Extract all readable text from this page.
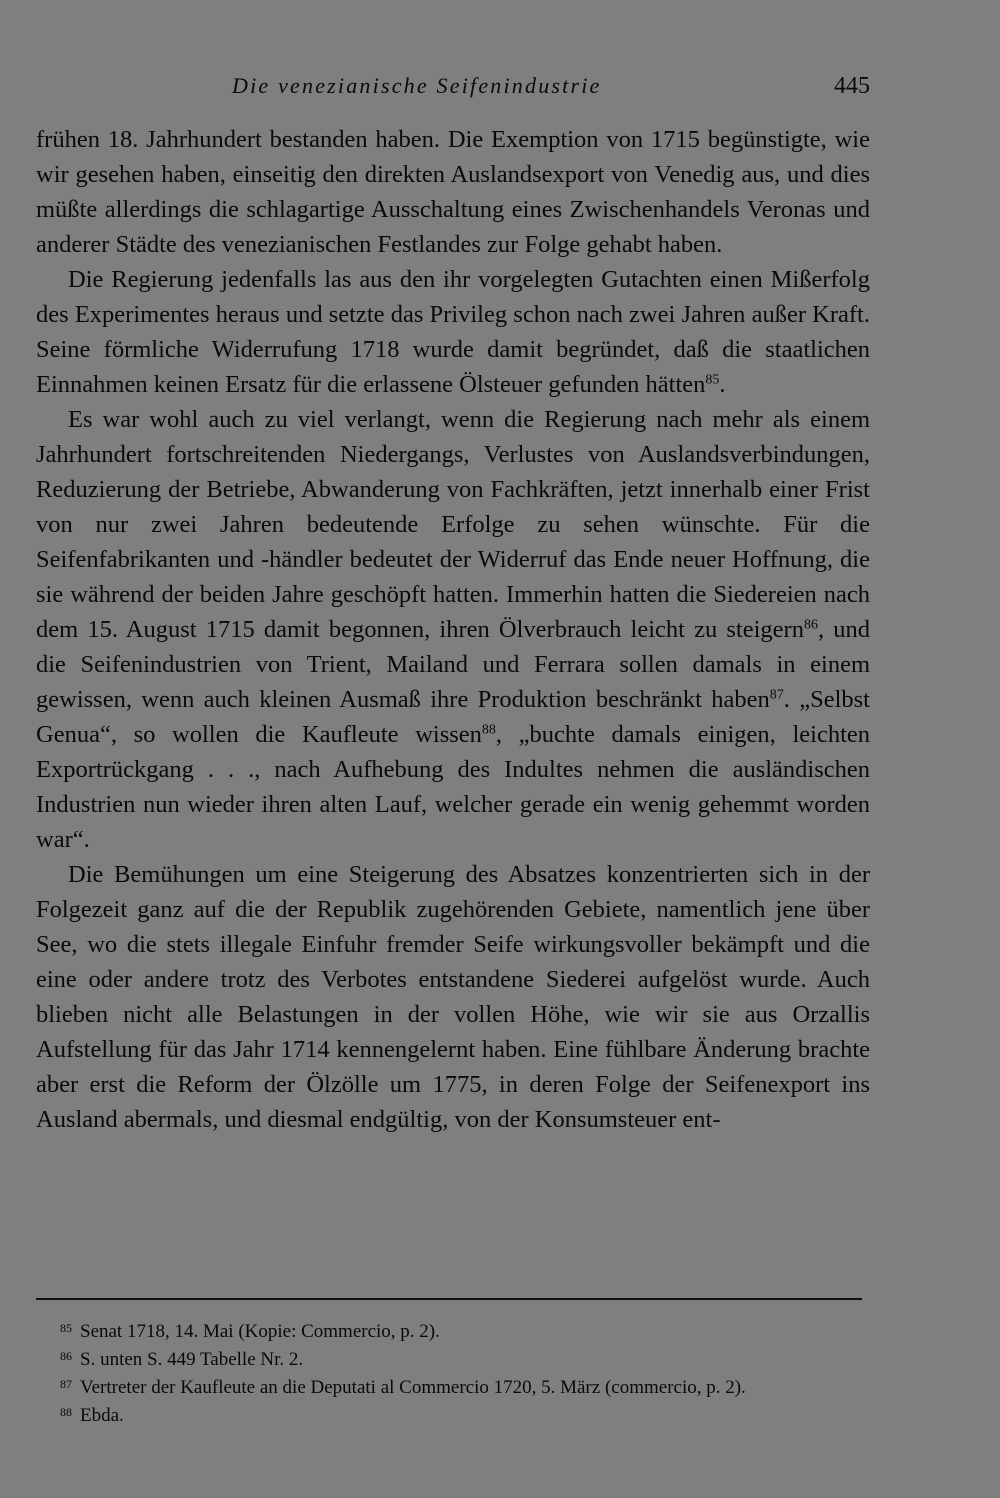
Die venezianische Seifenindustrie	445

frühen 18. Jahrhundert bestanden haben. Die Exemption von 1715 begünstigte, wie wir gesehen haben, einseitig den direkten Auslandsexport von Venedig aus, und dies müßte allerdings die schlagartige Ausschaltung eines Zwischenhandels Veronas und anderer Städte des venezianischen Festlandes zur Folge gehabt haben.

Die Regierung jedenfalls las aus den ihr vorgelegten Gutachten einen Mißerfolg des Experimentes heraus und setzte das Privileg schon nach zwei Jahren außer Kraft. Seine förmliche Widerrufung 1718 wurde damit begründet, daß die staatlichen Einnahmen keinen Ersatz für die erlassene Ölsteuer gefunden hätten$^{85}$.

Es war wohl auch zu viel verlangt, wenn die Regierung nach mehr als einem Jahrhundert fortschreitenden Niedergangs, Verlustes von Auslandsverbindungen, Reduzierung der Betriebe, Abwanderung von Fachkräften, jetzt innerhalb einer Frist von nur zwei Jahren bedeutende Erfolge zu sehen wünschte. Für die Seifenfabrikanten und -händler bedeutet der Widerruf das Ende neuer Hoffnung, die sie während der beiden Jahre geschöpft hatten. Immerhin hatten die Siedereien nach dem 15. August 1715 damit begonnen, ihren Ölverbrauch leicht zu steigern$^{86}$, und die Seifenindustrien von Trient, Mailand und Ferrara sollen damals in einem gewissen, wenn auch kleinen Ausmaß ihre Produktion beschränkt haben$^{87}$. „Selbst Genua“, so wollen die Kaufleute wissen$^{88}$, „buchte damals einigen, leichten Exportrückgang . . ., nach Aufhebung des Indultes nehmen die ausländischen Industrien nun wieder ihren alten Lauf, welcher gerade ein wenig gehemmt worden war“.

Die Bemühungen um eine Steigerung des Absatzes konzentrierten sich in der Folgezeit ganz auf die der Republik zugehörenden Gebiete, namentlich jene über See, wo die stets illegale Einfuhr fremder Seife wirkungsvoller bekämpft und die eine oder andere trotz des Verbotes entstandene Siederei aufgelöst wurde. Auch blieben nicht alle Belastungen in der vollen Höhe, wie wir sie aus Orzallis Aufstellung für das Jahr 1714 kennengelernt haben. Eine fühlbare Änderung brachte aber erst die Reform der Ölzölle um 1775, in deren Folge der Seifenexport ins Ausland abermals, und diesmal endgültig, von der Konsumsteuer ent-

$^{85}$ Senat 1718, 14. Mai (Kopie: Commercio, p. 2).

$^{86}$ S. unten S. 449 Tabelle Nr. 2.

$^{87}$ Vertreter der Kaufleute an die Deputati al Commercio 1720, 5. März (commercio, p. 2).

$^{88}$ Ebda.
